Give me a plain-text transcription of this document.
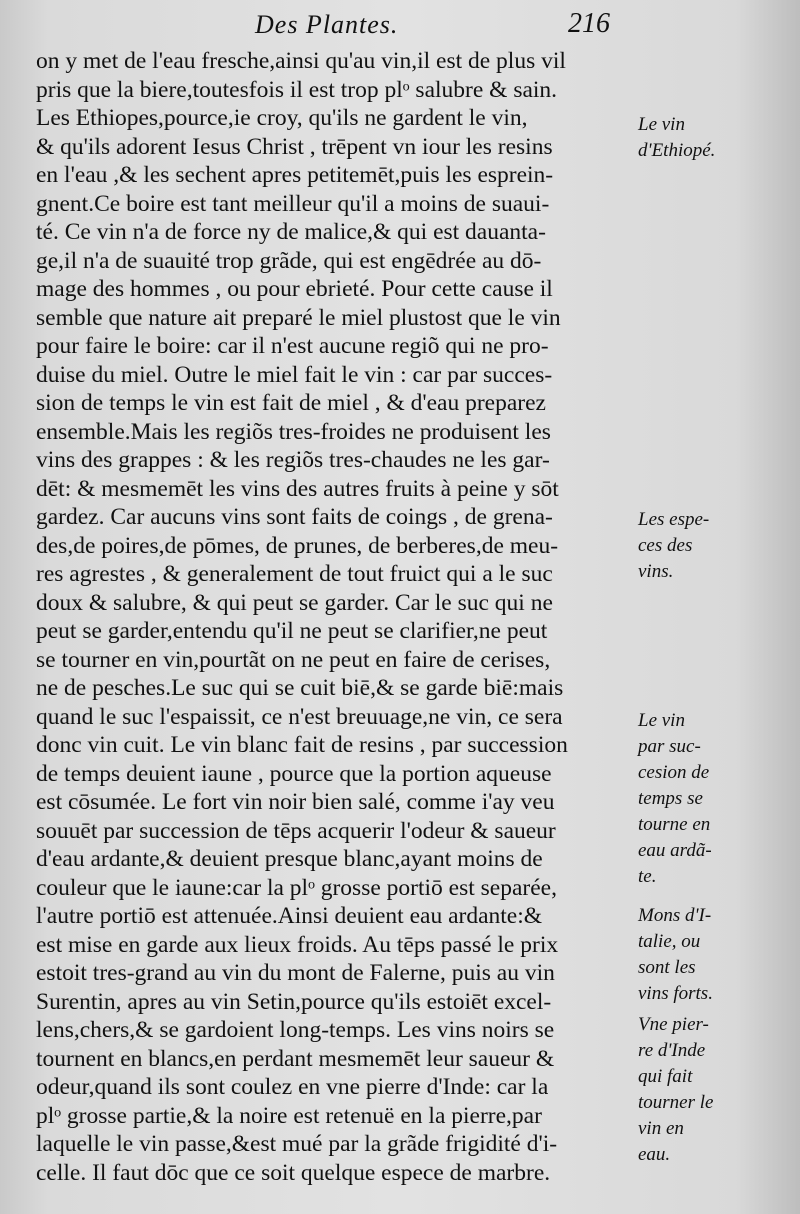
Des Plantes.	216
on y met de l'eau fresche,ainsi qu'au vin,il est de plus vil
pris que la biere,toutesfois il est trop plᵒ salubre & sain.
Les Ethiopes,pource,ie croy, qu'ils ne gardent le vin,
& qu'ils adorent Iesus Christ , trēpent vn iour les resins
en l'eau ,& les sechent apres petitemēt,puis les esprein-
gnent.Ce boire est tant meilleur qu'il a moins de suaui-
té. Ce vin n'a de force ny de malice,& qui est dauanta-
ge,il n'a de suauité trop grãde, qui est engēdrée au dō-
mage des hommes , ou pour ebrieté. Pour cette cause il
semble que nature ait preparé le miel plustost que le vin
pour faire le boire: car il n'est aucune regiõ qui ne pro-
duise du miel. Outre le miel fait le vin : car par succes-
sion de temps le vin est fait de miel , & d'eau preparez
ensemble.Mais les regiõs tres-froides ne produisent les
vins des grappes : & les regiõs tres-chaudes ne les gar-
dēt: & mesmemēt les vins des autres fruits à peine y sōt
gardez. Car aucuns vins sont faits de coings , de grena-
des,de poires,de pōmes, de prunes, de berberes,de meu-
res agrestes , & generalement de tout fruict qui a le suc
doux & salubre, & qui peut se garder. Car le suc qui ne
peut se garder,entendu qu'il ne peut se clarifier,ne peut
se tourner en vin,pourtãt on ne peut en faire de cerises,
ne de pesches.Le suc qui se cuit biē,& se garde biē:mais
quand le suc l'espaissit, ce n'est breuuage,ne vin, ce sera
donc vin cuit. Le vin blanc fait de resins , par succession
de temps deuient iaune , pource que la portion aqueuse
est cōsumée. Le fort vin noir bien salé, comme i'ay veu
souuēt par succession de tēps acquerir l'odeur & saueur
d'eau ardante,& deuient presque blanc,ayant moins de
couleur que le iaune:car la plᵒ grosse portiō est separée,
l'autre portiō est attenuée.Ainsi deuient eau ardante:&
est mise en garde aux lieux froids. Au tēps passé le prix
estoit tres-grand au vin du mont de Falerne, puis au vin
Surentin, apres au vin Setin,pource qu'ils estoiēt excel-
lens,chers,& se gardoient long-temps. Les vins noirs se
tournent en blancs,en perdant mesmemēt leur saueur &
odeur,quand ils sont coulez en vne pierre d'Inde: car la
plᵒ grosse partie,& la noire est retenuë en la pierre,par
laquelle le vin passe,&est mué par la grãde frigidité d'i-
celle. Il faut dōc que ce soit quelque espece de marbre.
Le vin
d'Ethiopé.
Les espe-
ces des
vins.
Le vin
par suc-
cesion de
temps se
tourne en
eau ardã-
te.
Mons d'I-
talie, ou
sont les
vins forts.
Vne pier-
re d'Inde
qui fait
tourner le
vin en
eau.
